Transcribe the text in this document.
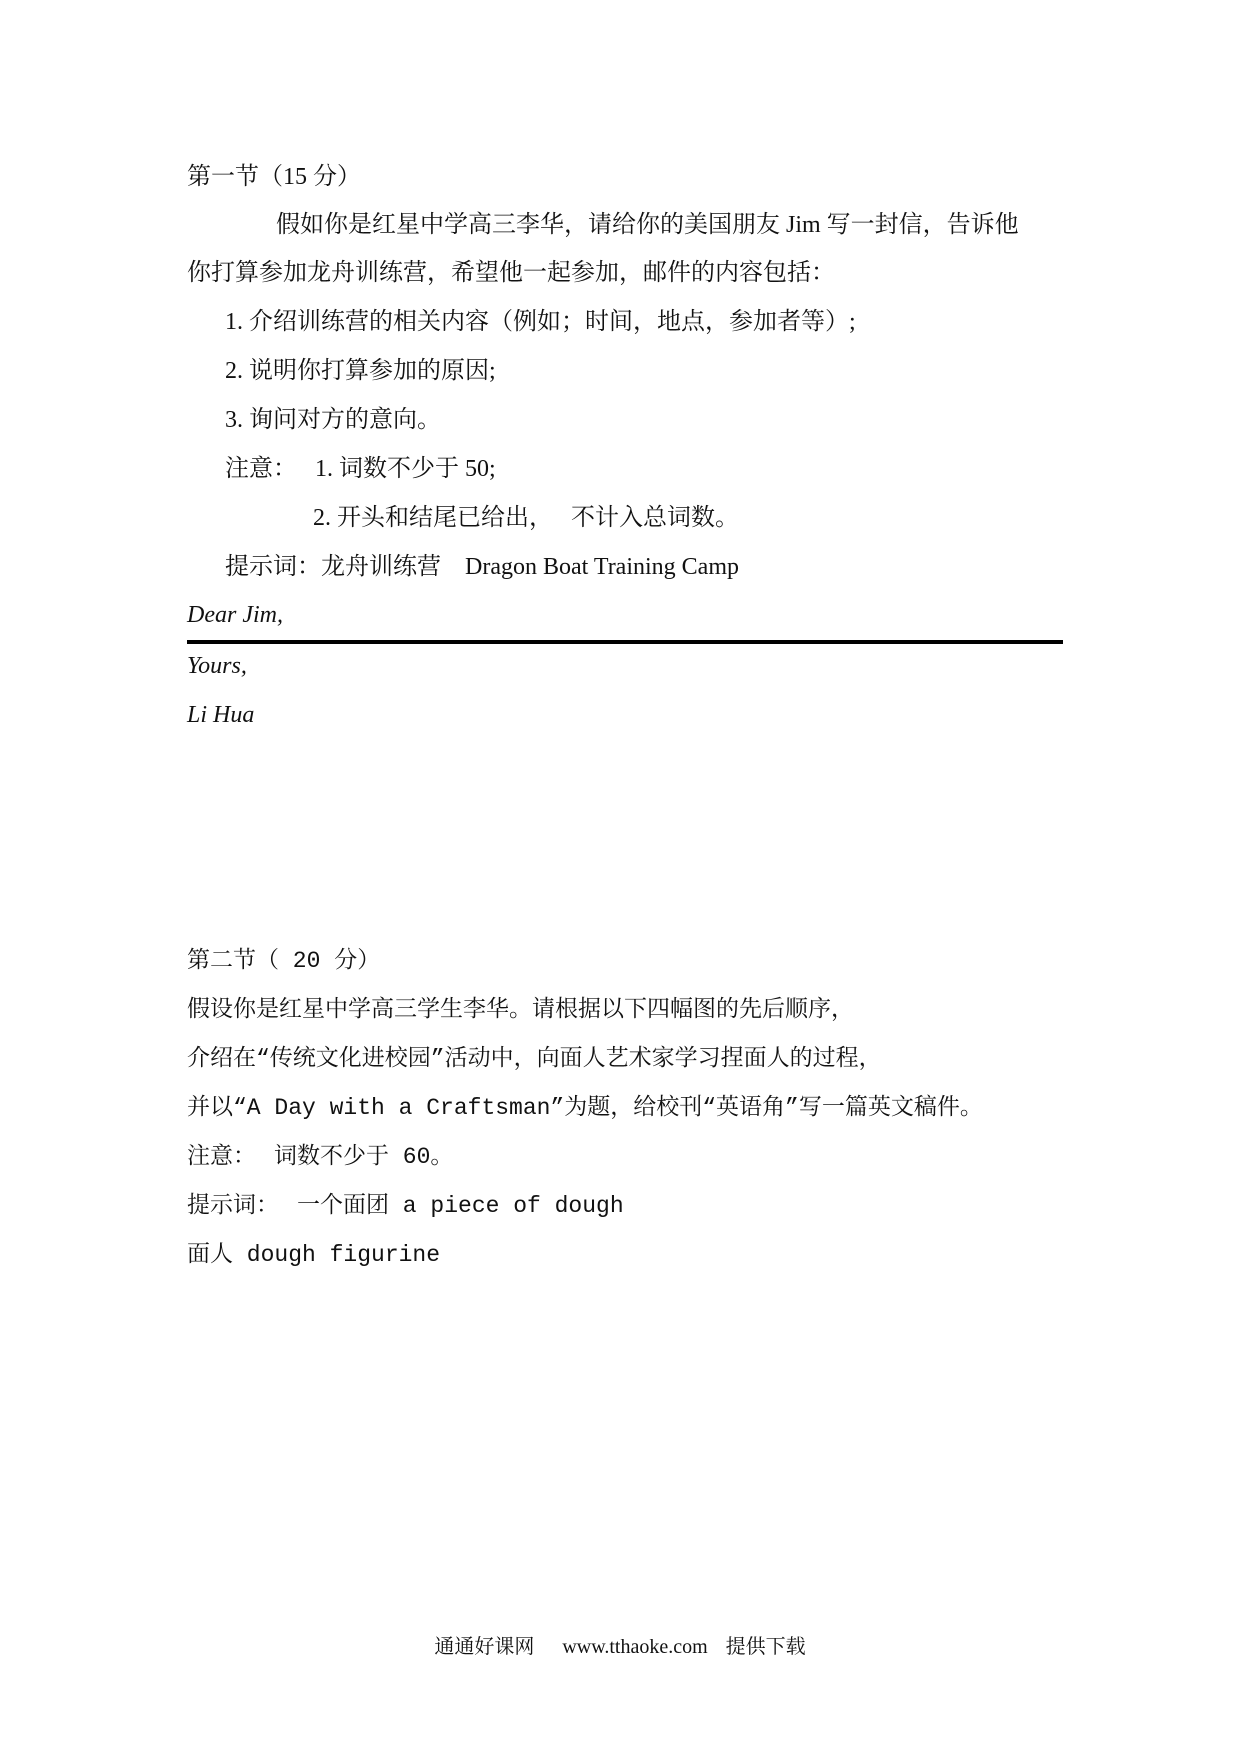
第一节（15 分）
假如你是红星中学高三李华，请给你的美国朋友 Jim 写一封信，告诉他
你打算参加龙舟训练营，希望他一起参加，邮件的内容包括：
1. 介绍训练营的相关内容（例如；时间，地点，参加者等）;
2. 说明你打算参加的原因;
3. 询问对方的意向。
注意： 1. 词数不少于 50;
2. 开头和结尾已给出， 不计入总词数。
提示词：龙舟训练营 Dragon Boat Training Camp
Dear Jim,
Yours,
Li Hua
第二节（ 20 分）
假设你是红星中学高三学生李华。请根据以下四幅图的先后顺序，
介绍在“传统文化进校园”活动中，向面人艺术家学习捏面人的过程，
并以“A Day with a Craftsman”为题，给校刊“英语角”写一篇英文稿件。
注意： 词数不少于 60。
提示词： 一个面团 a piece of dough
面人 dough figurine
通通好课网 www.tthaoke.com 提供下载
